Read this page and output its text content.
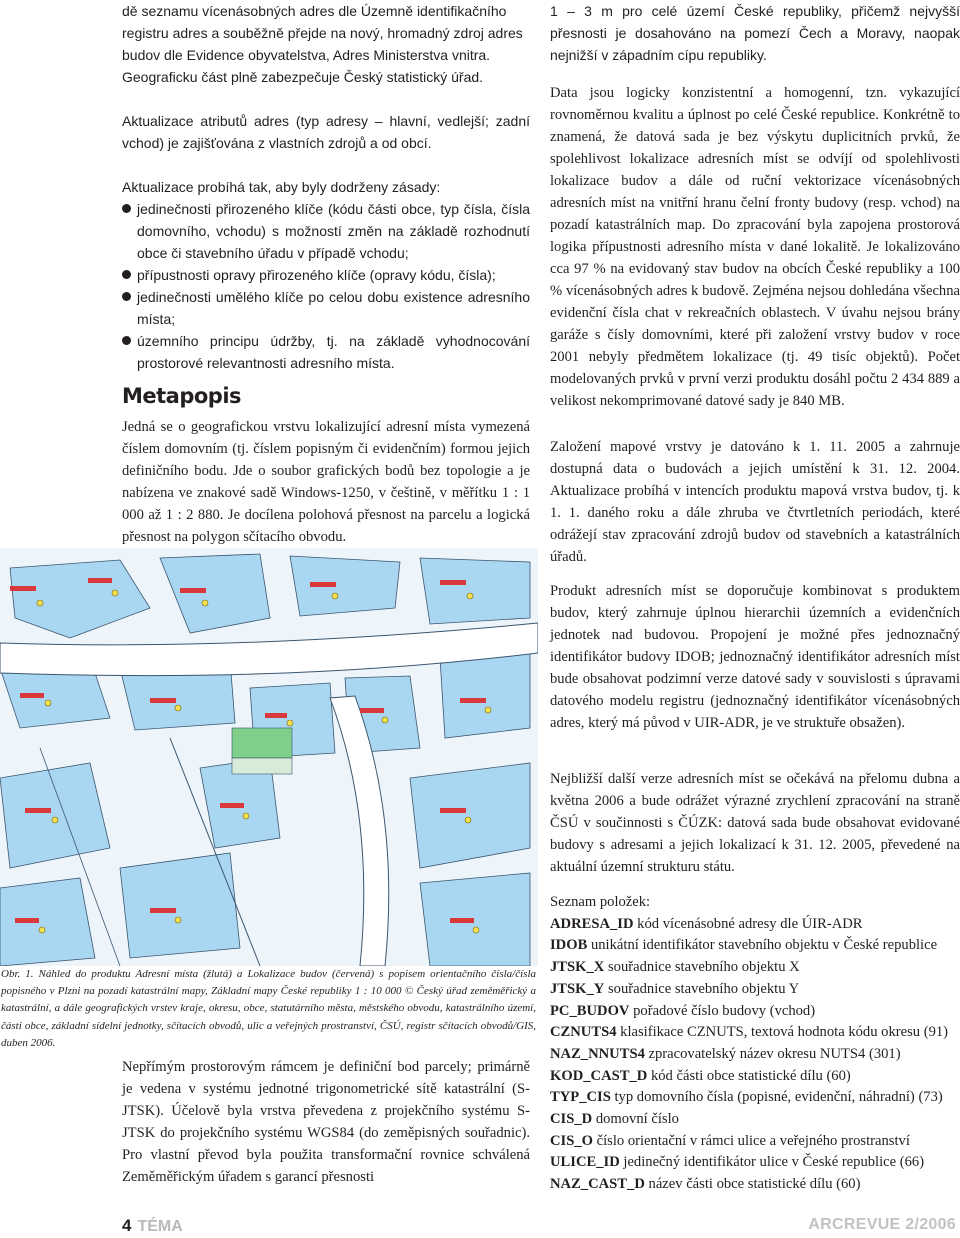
dě seznamu vícenásobných adres dle Územně identifikačního

registru adres a souběžně přejde na nový, hromadný zdroj adres

budov dle Evidence obyvatelstva, Adres Ministerstva vnitra.

Geograficku část plně zabezpečuje Český statistický úřad.

Aktualizace atributů adres (typ adresy – hlavní, vedlejší; zadní vchod) je zajišťována z vlastních zdrojů a od obcí.

Aktualizace probíhá tak, aby byly dodrženy zásady:

jedinečnosti přirozeného klíče (kódu části obce, typ čísla, čísla domovního, vchodu) s možností změn na základě rozhodnutí obce či stavebního úřadu v případě vchodu;
přípustnosti opravy přirozeného klíče (opravy kódu, čísla);
jedinečnosti umělého klíče po celou dobu existence adresního místa;
územního principu údržby, tj. na základě vyhodnocování prostorové relevantnosti adresního místa.
Metapopis

Jedná se o geografickou vrstvu lokalizující adresní místa vymezená číslem domovním (tj. číslem popisným či evidenčním) formou jejich definičního bodu. Jde o soubor grafických bodů bez topologie a je nabízena ve znakové sadě Windows-1250, v češtině, v měřítku 1 : 1 000 až 1 : 2 880. Je docílena polohová přesnost na parcelu a logická přesnost na polygon sčítacího obvodu.

Obr. 1. Náhled do produktu Adresní místa (žlutá) a Lokalizace budov (červená) s popisem orientačního čísla/čísla popisného v Plzni na pozadí katastrální mapy, Základní mapy České republiky 1 : 10 000 © Český úřad zeměměřický a katastrální, a dále geografických vrstev kraje, okresu, obce, statutárního města, městského obvodu, katastrálního území, části obce, základní sídelní jednotky, sčítacích obvodů, ulic a veřejných prostranství, ČSÚ, registr sčítacích obvodů/GIS, duben 2006.

Nepřímým prostorovým rámcem je definiční bod parcely; primárně je vedena v systému jednotné trigonometrické sítě katastrální (S-JTSK). Účelově byla vrstva převedena z projekčního systému S-JTSK do projekčního systému WGS84 (do zeměpisných souřadnic). Pro vlastní převod byla použita transformační rovnice schválená Zeměměřickým úřadem s garancí přesnosti

1 – 3 m pro celé území České republiky, přičemž nejvyšší přesnosti je dosahováno na pomezí Čech a Moravy, naopak nejnižší v západním cípu republiky.

Data jsou logicky konzistentní a homogenní, tzn. vykazující rovnoměrnou kvalitu a úplnost po celé České republice. Konkrétně to znamená, že datová sada je bez výskytu duplicitních prvků, že spolehlivost lokalizace adresních míst se odvíjí od spolehlivosti lokalizace budov a dále od ruční vektorizace vícenásobných adresních míst na vnitřní hranu čelní fronty budovy (resp. vchod) na pozadí katastrálních map. Do zpracování byla zapojena prostorová logika přípustnosti adresního místa v dané lokalitě. Je lokalizováno cca 97 % na evidovaný stav budov na obcích České republiky a 100 % vícenásobných adres k budově. Zejména nejsou dohledána všechna evidenční čísla chat v rekreačních oblastech. V úvahu nejsou brány garáže s čísly domovními, které při založení vrstvy budov v roce 2001 nebyly předmětem lokalizace (tj. 49 tisíc objektů). Počet modelovaných prvků v první verzi produktu dosáhl počtu 2 434 889 a velikost nekomprimované datové sady je 840 MB.

Založení mapové vrstvy je datováno k 1. 11. 2005 a zahrnuje dostupná data o budovách a jejich umístění k 31. 12. 2004. Aktualizace probíhá v intencích produktu mapová vrstva budov, tj. k 1. 1. daného roku a dále zhruba ve čtvrtletních periodách, které odrážejí stav zpracování zdrojů budov od stavebních a katastrálních úřadů.

Produkt adresních míst se doporučuje kombinovat s produktem budov, který zahrnuje úplnou hierarchii územních a evidenčních jednotek nad budovou. Propojení je možné přes jednoznačný identifikátor budovy IDOB; jednoznačný identifikátor adresních míst bude obsahovat podzimní verze datové sady v souvislosti s úpravami datového modelu registru (jednoznačný identifikátor vícenásobných adres, který má původ v UIR-ADR, je ve struktuře obsažen).

Nejbližší další verze adresních míst se očekává na přelomu dubna a května 2006 a bude odrážet výrazné zrychlení zpracování na straně ČSÚ v součinnosti s ČÚZK: datová sada bude obsahovat evidované budovy s adresami a jejich lokalizací k 31. 12. 2005, převedené na aktuální územní strukturu státu.

Seznam položek:
ADRESA_ID kód vícenásobné adresy dle ÚIR-ADR
IDOB unikátní identifikátor stavebního objektu v České republice
JTSK_X souřadnice stavebního objektu X
JTSK_Y souřadnice stavebního objektu Y
PC_BUDOV pořadové číslo budovy (vchod)
CZNUTS4 klasifikace CZNUTS, textová hodnota kódu okresu (91)
NAZ_NNUTS4 zpracovatelský název okresu NUTS4 (301)
KOD_CAST_D kód části obce statistické dílu (60)
TYP_CIS typ domovního čísla (popisné, evidenční, náhradní) (73)
CIS_D domovní číslo
CIS_O číslo orientační v rámci ulice a veřejného prostranství
ULICE_ID jedinečný identifikátor ulice v České republice (66)
NAZ_CAST_D název části obce statistické dílu (60)
4 TÉMA	ARCREVUE 2/2006
